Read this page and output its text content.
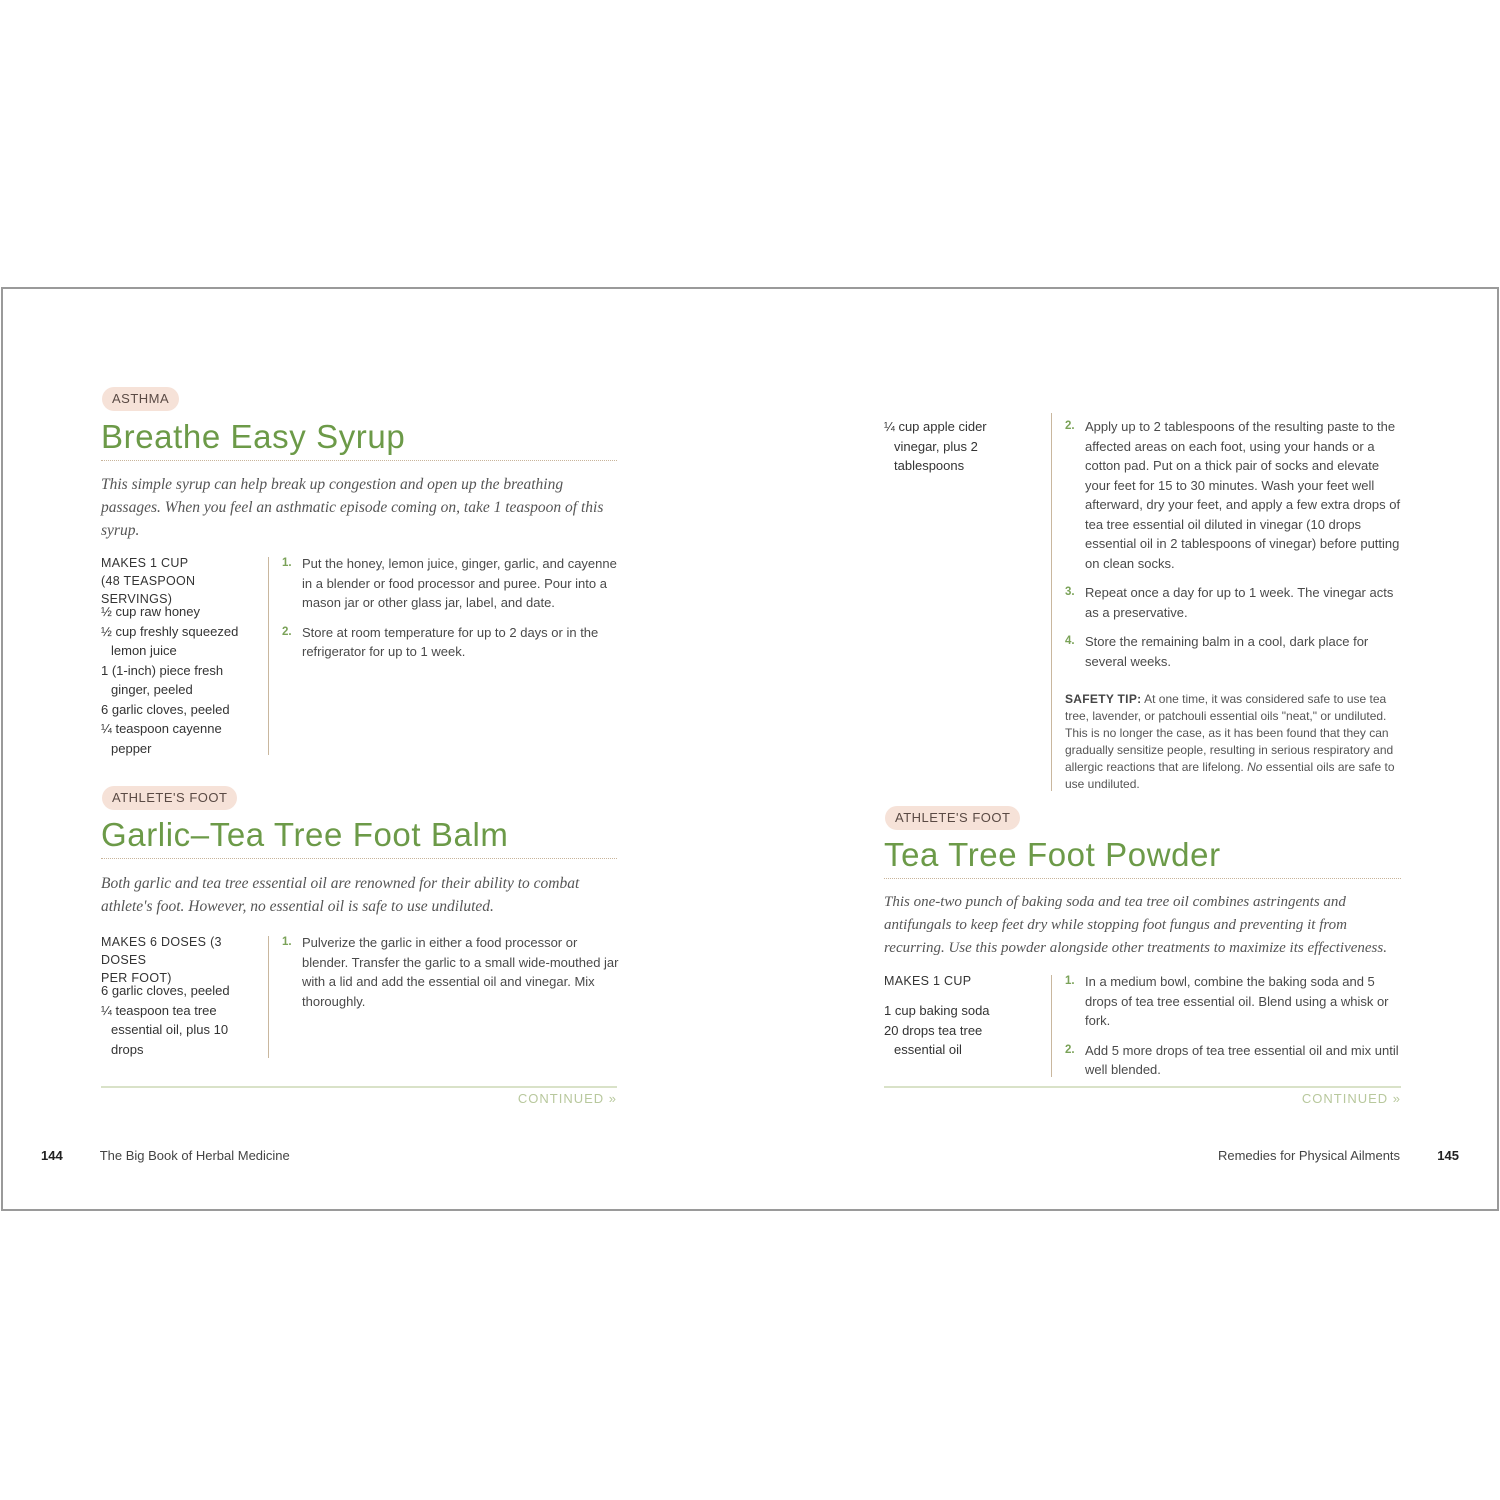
ASTHMA
Breathe Easy Syrup

This simple syrup can help break up congestion and open up the breathing passages. When you feel an asthmatic episode coming on, take 1 teaspoon of this syrup.

MAKES 1 CUP
(48 TEASPOON SERVINGS)
½ cup raw honey
½ cup freshly squeezed lemon juice
1 (1-inch) piece fresh ginger, peeled
6 garlic cloves, peeled
¼ teaspoon cayenne pepper
1. Put the honey, lemon juice, ginger, garlic, and cayenne in a blender or food processor and puree. Pour into a mason jar or other glass jar, label, and date.
2. Store at room temperature for up to 2 days or in the refrigerator for up to 1 week.
ATHLETE'S FOOT
Garlic–Tea Tree Foot Balm

Both garlic and tea tree essential oil are renowned for their ability to combat athlete's foot. However, no essential oil is safe to use undiluted.

MAKES 6 DOSES (3 DOSES
PER FOOT)
6 garlic cloves, peeled
¼ teaspoon tea tree essential oil, plus 10 drops
1. Pulverize the garlic in either a food processor or blender. Transfer the garlic to a small wide-mouthed jar with a lid and add the essential oil and vinegar. Mix thoroughly.
CONTINUED »
144	The Big Book of Herbal Medicine
¼ cup apple cider vinegar, plus 2 tablespoons
2. Apply up to 2 tablespoons of the resulting paste to the affected areas on each foot, using your hands or a cotton pad. Put on a thick pair of socks and elevate your feet for 15 to 30 minutes. Wash your feet well afterward, dry your feet, and apply a few extra drops of tea tree essential oil diluted in vinegar (10 drops essential oil in 2 tablespoons of vinegar) before putting on clean socks.
3. Repeat once a day for up to 1 week. The vinegar acts as a preservative.
4. Store the remaining balm in a cool, dark place for several weeks.

SAFETY TIP: At one time, it was considered safe to use tea tree, lavender, or patchouli essential oils "neat," or undiluted. This is no longer the case, as it has been found that they can gradually sensitize people, resulting in serious respiratory and allergic reactions that are lifelong. No essential oils are safe to use undiluted.

ATHLETE'S FOOT
Tea Tree Foot Powder

This one-two punch of baking soda and tea tree oil combines astringents and antifungals to keep feet dry while stopping foot fungus and preventing it from recurring. Use this powder alongside other treatments to maximize its effectiveness.

MAKES 1 CUP
1 cup baking soda
20 drops tea tree essential oil
1. In a medium bowl, combine the baking soda and 5 drops of tea tree essential oil. Blend using a whisk or fork.
2. Add 5 more drops of tea tree essential oil and mix until well blended.
CONTINUED »
Remedies for Physical Ailments	145
